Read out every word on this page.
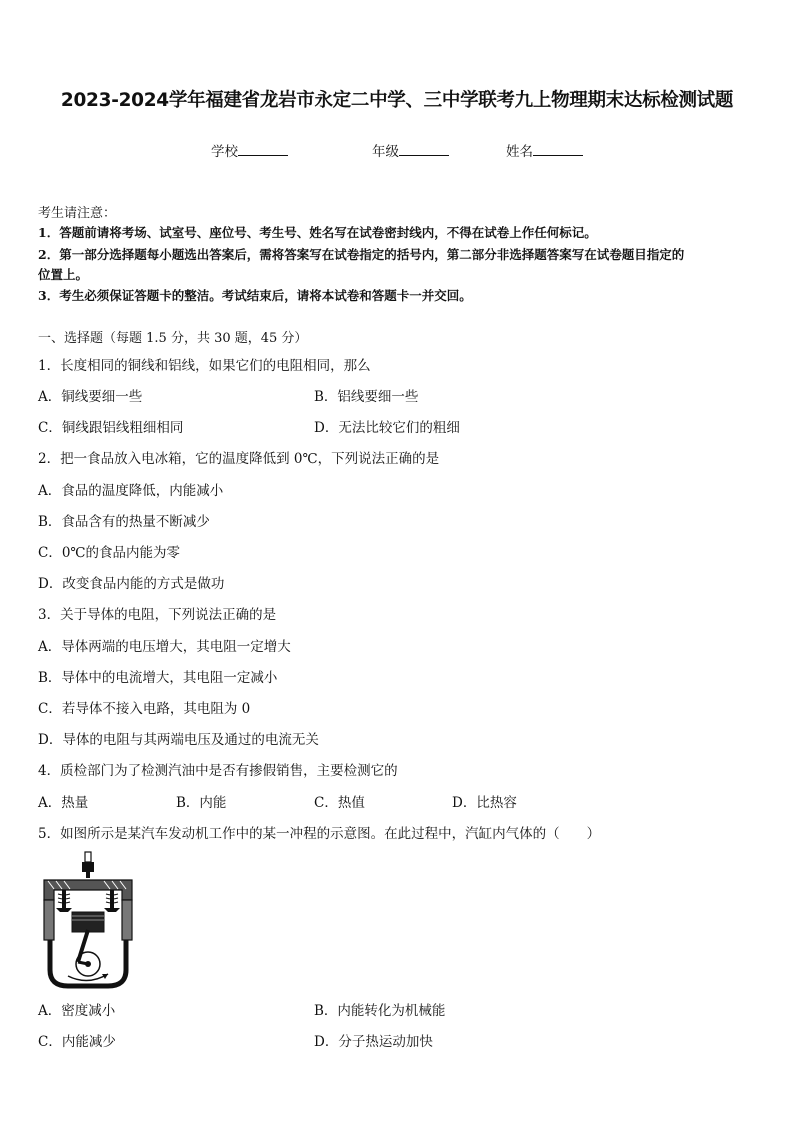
2023-2024学年福建省龙岩市永定二中学、三中学联考九上物理期末达标检测试题
学校	年级	姓名
考生请注意：
1．答题前请将考场、试室号、座位号、考生号、姓名写在试卷密封线内，不得在试卷上作任何标记。
2．第一部分选择题每小题选出答案后，需将答案写在试卷指定的括号内，第二部分非选择题答案写在试卷题目指定的
位置上。
3．考生必须保证答题卡的整洁。考试结束后，请将本试卷和答题卡一并交回。
一、选择题（每题 1.5 分，共 30 题，45 分）
1．长度相同的铜线和铝线，如果它们的电阻相同，那么
A．铜线要细一些	B．铝线要细一些
C．铜线跟铝线粗细相同	D．无法比较它们的粗细
2．把一食品放入电冰箱，它的温度降低到 0℃，下列说法正确的是
A．食品的温度降低，内能减小
B．食品含有的热量不断减少
C．0℃的食品内能为零
D．改变食品内能的方式是做功
3．关于导体的电阻，下列说法正确的是
A．导体两端的电压增大，其电阻一定增大
B．导体中的电流增大，其电阻一定减小
C．若导体不接入电路，其电阻为 0
D．导体的电阻与其两端电压及通过的电流无关
4．质检部门为了检测汽油中是否有掺假销售，主要检测它的
A．热量	B．内能	C．热值	D．比热容
5．如图所示是某汽车发动机工作中的某一冲程的示意图。在此过程中，汽缸内气体的（　　）
A．密度减小	B．内能转化为机械能
C．内能减少	D．分子热运动加快
